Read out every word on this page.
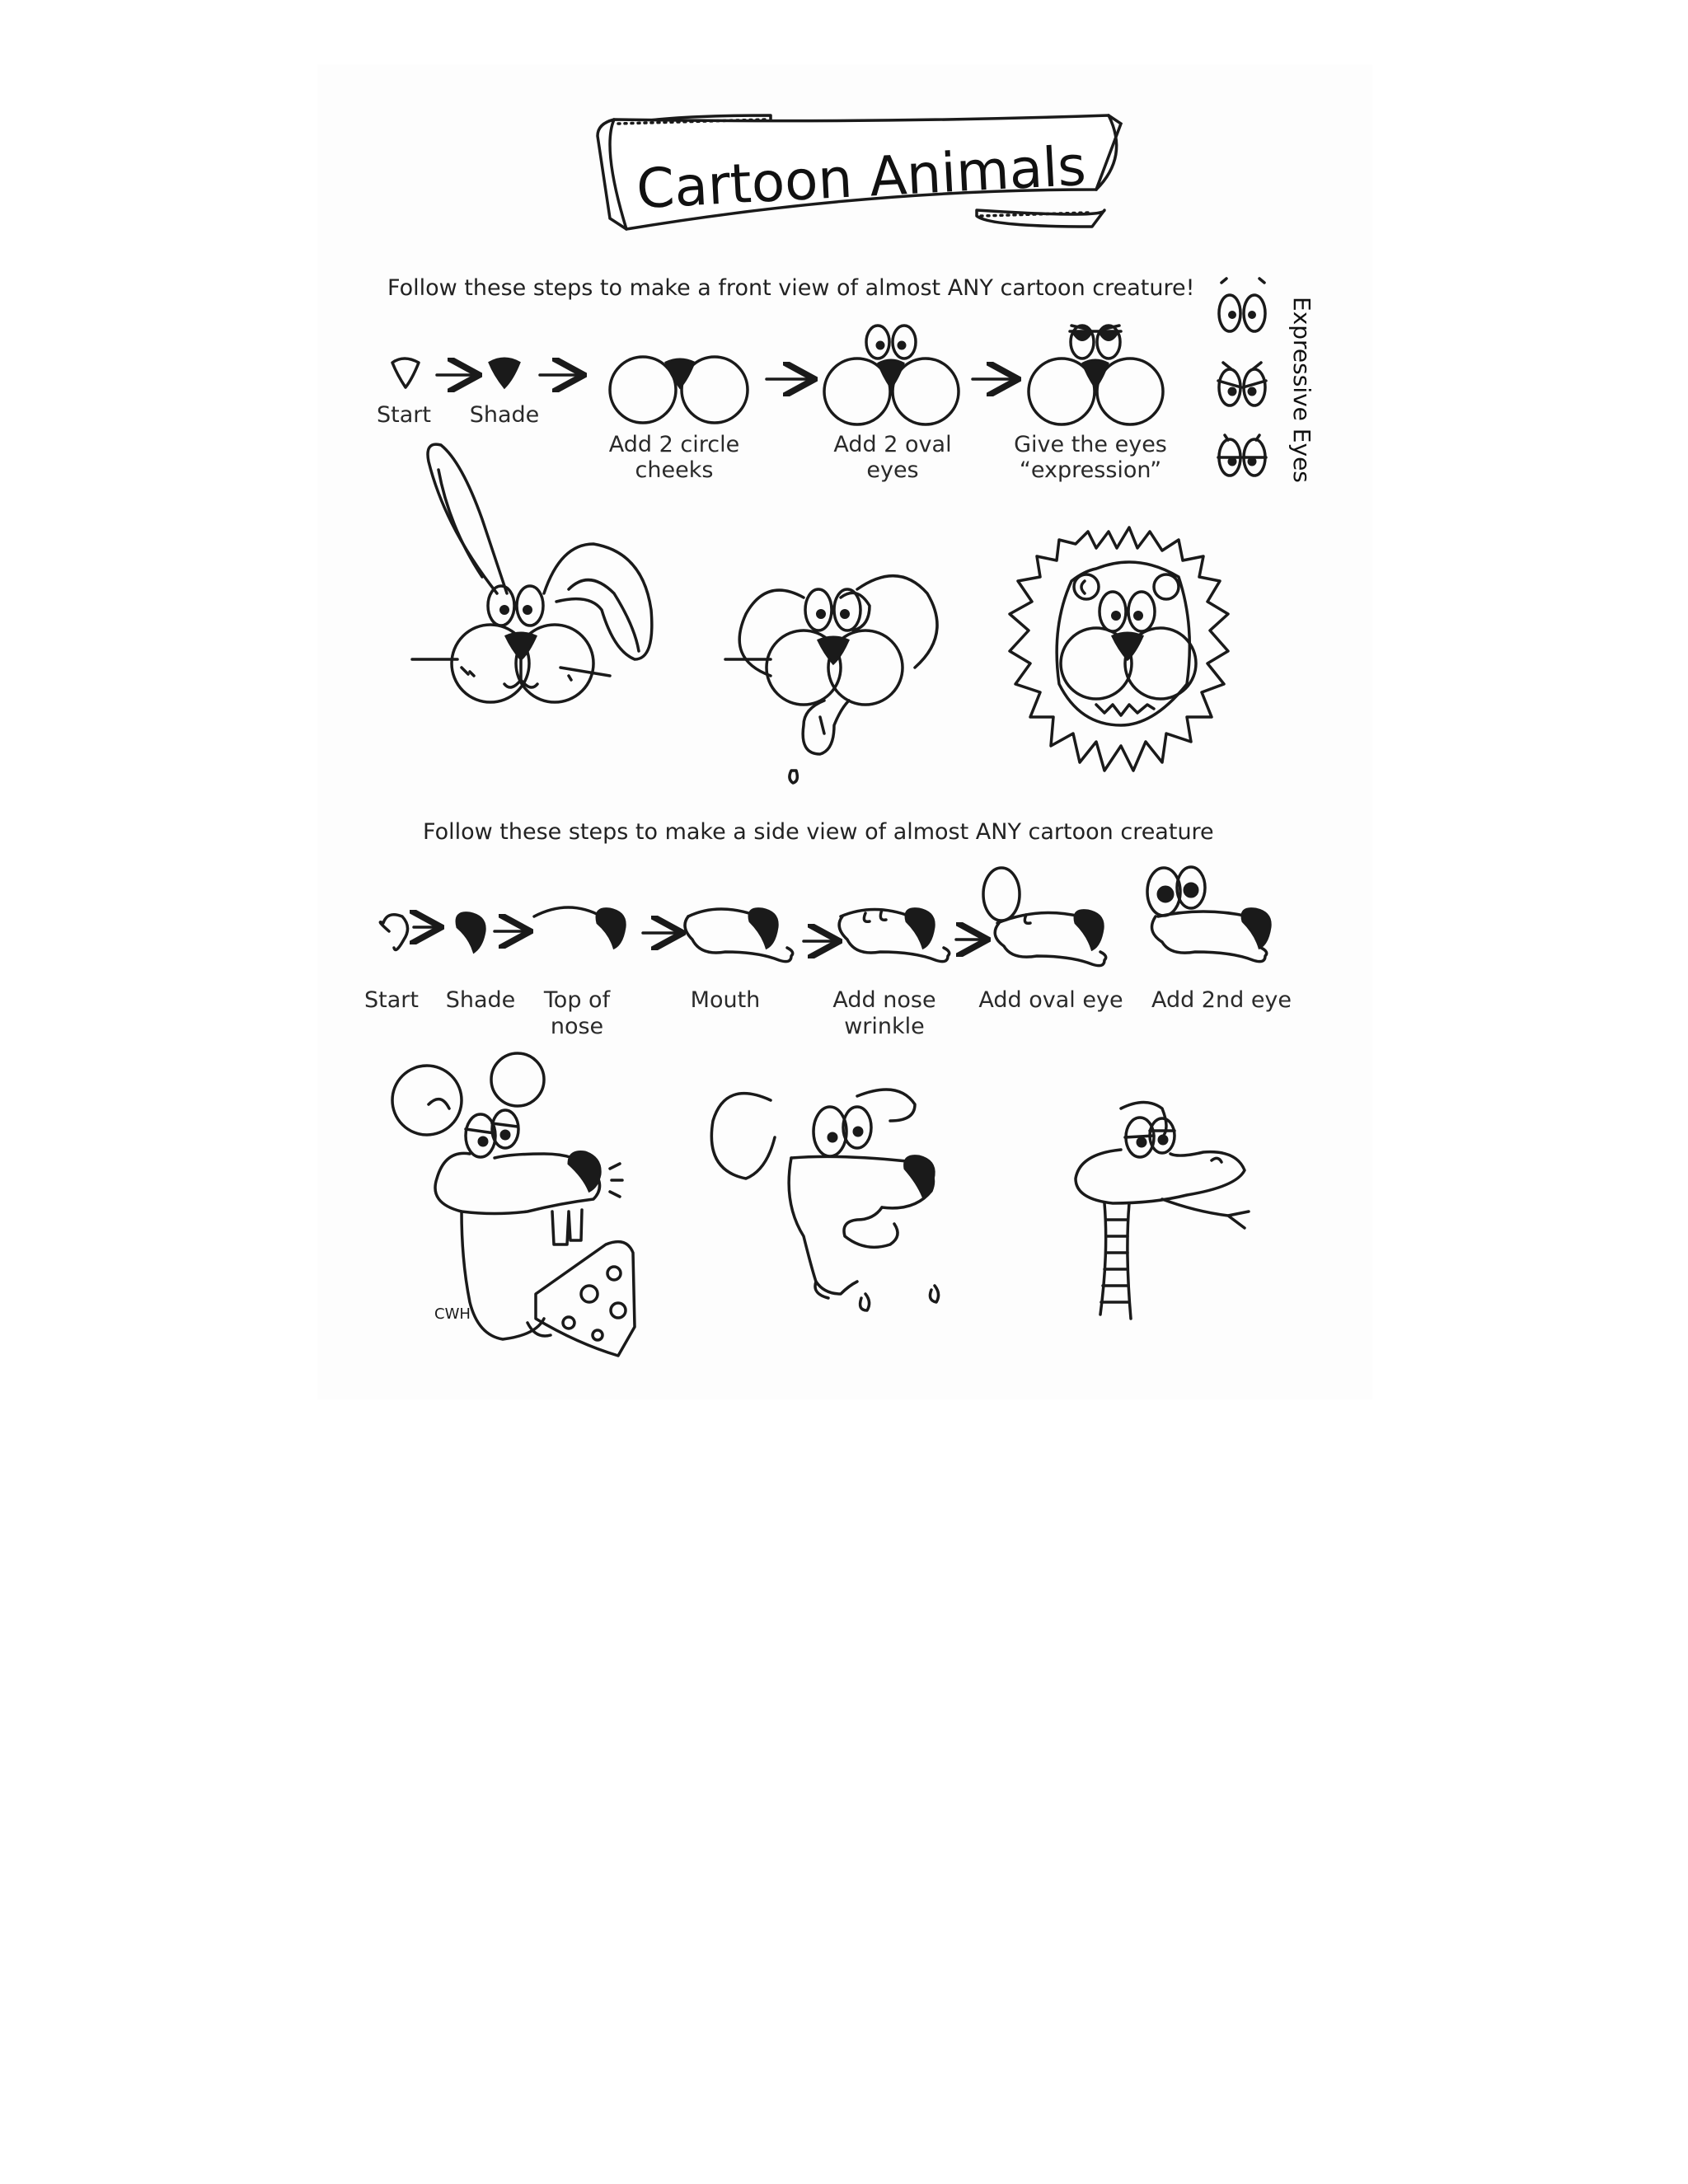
Cartoon Animals
Follow these steps to make a front view of almost ANY cartoon creature!
Start Shade
Add 2 circle cheeks
Add 2 oval eyes
Give the eyes “expression”	Expressive Eyes
Follow these steps to make a side view of almost ANY cartoon creature
Start Shade Top of nose
Mouth	Add nose wrinkle
Add oval eye Add 2nd eye
CWH
